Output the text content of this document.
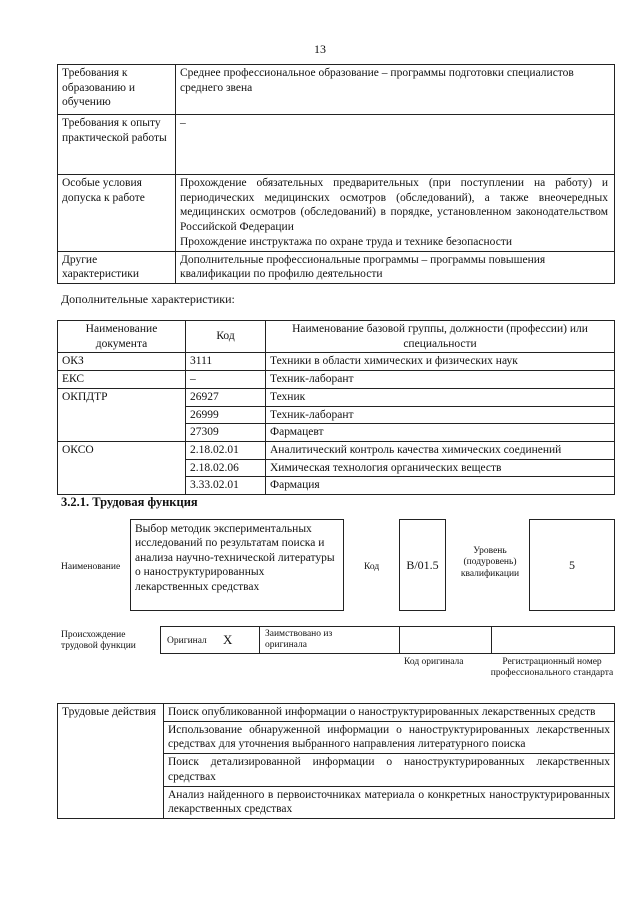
13
Требования к образованию и обучению	Среднее профессиональное образование – программы подготовки специалистов среднего звена
Требования к опыту практической работы	–
Особые условия допуска к работе	Прохождение обязательных предварительных (при поступлении на работу) и периодических медицинских осмотров (обследований), а также внеочередных медицинских осмотров (обследований) в порядке, установленном законодательством Российской Федерации
Прохождение инструктажа по охране труда и технике безопасности

Другие характеристики	Дополнительные профессиональные программы – программы повышения квалификации по профилю деятельности
Дополнительные характеристики:
Наименование документа	Код	Наименование базовой группы, должности (профессии) или специальности
ОКЗ	3111	Техники в области химических и физических наук
ЕКС	–	Техник-лаборант
ОКПДТР	26927	Техник
	26999	Техник-лаборант
	27309	Фармацевт
ОКСО	2.18.02.01	Аналитический контроль качества химических соединений
	2.18.02.06	Химическая технология органических веществ
	3.33.02.01	Фармация
3.2.1. Трудовая функция
Наименование
Выбор методик экспериментальных исследований по результатам поиска и анализа научно-технической литературы о наноструктурированных лекарственных средствах
Код	B/01.5
Уровень (подуровень) квалификации
5
Происхождение трудовой функции
Оригинал X	Заимствовано из оригинала
Код оригинала	Регистрационный номер профессионального стандарта
Трудовые действия	Поиск опубликованной информации о наноструктурированных лекарственных средств
Использование обнаруженной информации о наноструктурированных лекарственных средствах для уточнения выбранного направления литературного поиска
Поиск детализированной информации о наноструктурированных лекарственных средствах
Анализ найденного в первоисточниках материала о конкретных наноструктурированных лекарственных средствах
